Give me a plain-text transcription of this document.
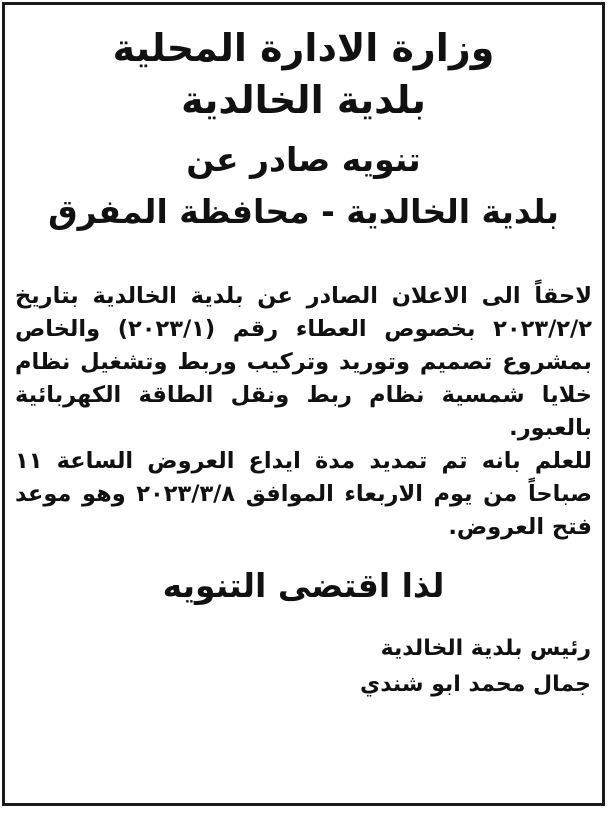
وزارة الادارة المحلية
بلدية الخالدية
تنويه صادر عن
بلدية الخالدية - محافظة المفرق

لاحقاً الى الاعلان الصادر عن بلدية الخالدية بتاريخ ٢٠٢٣/٢/٢ بخصوص العطاء رقم (٢٠٢٣/١) والخاص بمشروع تصميم وتوريد وتركيب وربط وتشغيل نظام خلايا شمسية نظام ربط ونقل الطاقة الكهربائية بالعبور.

للعلم بانه تم تمديد مدة ايداع العروض الساعة ١١ صباحاً من يوم الاربعاء الموافق ٢٠٢٣/٣/٨ وهو موعد فتح العروض.

لذا اقتضى التنويه
رئيس بلدية الخالدية
جمال محمد ابو شندي
